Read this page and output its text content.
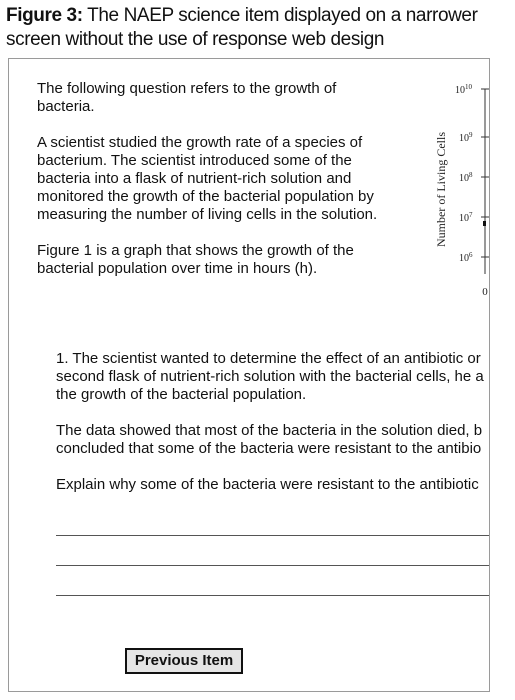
Figure 3: The NAEP science item displayed on a narrower
screen without the use of response web design

The following question refers to the growth of bacteria.

A scientist studied the growth rate of a species of bacterium. The scientist introduced some of the bacteria into a flask of nutrient-rich solution and monitored the growth of the bacterial population by measuring the number of living cells in the solution.

Figure 1 is a graph that shows the growth of the bacterial population over time in hours (h).

Number of Living Cells
$10^{10}$
$10^9$
$10^8$
$10^7$
$10^6$
0
1. The scientist wanted to determine the effect of an antibiotic or
second flask of nutrient-rich solution with the bacterial cells, he a
the growth of the bacterial population.
The data showed that most of the bacteria in the solution died, b
concluded that some of the bacteria were resistant to the antibio
Explain why some of the bacteria were resistant to the antibiotic
Previous Item
